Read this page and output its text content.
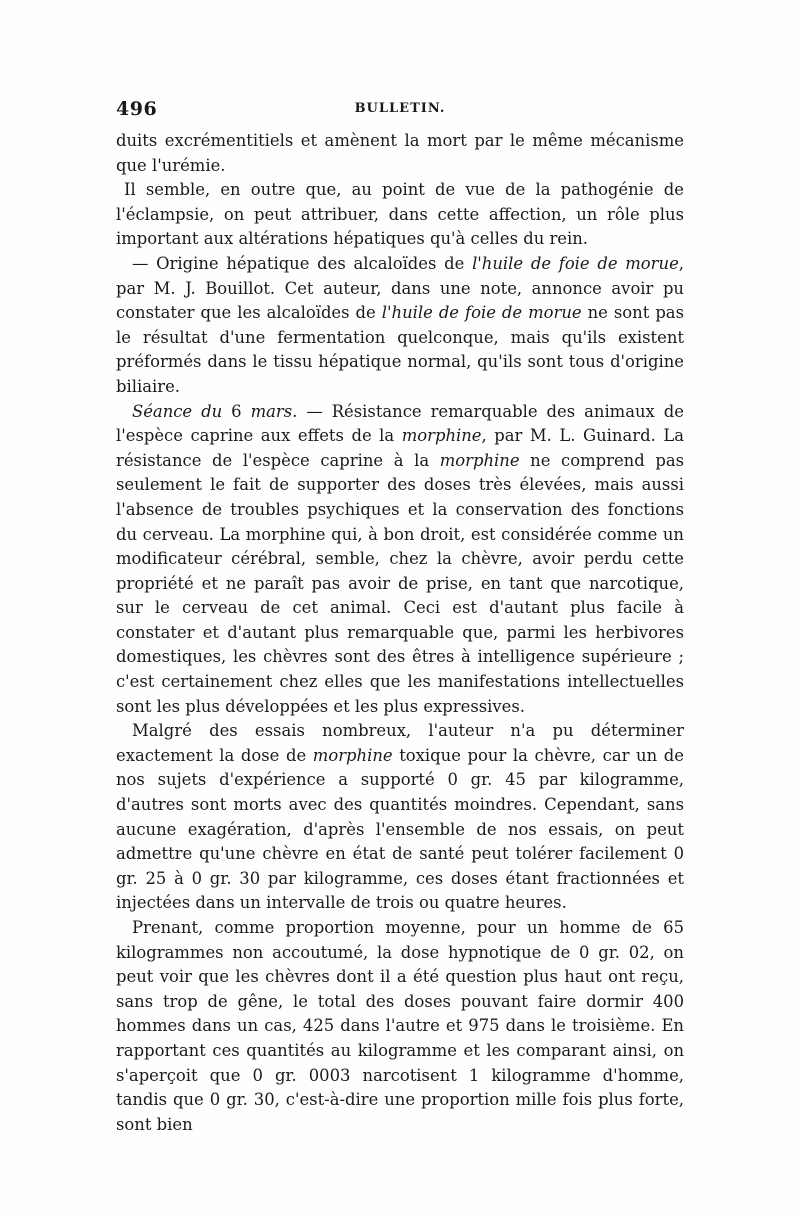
496	BULLETIN.

duits excrémentitiels et amènent la mort par le même mécanisme que l'urémie.

Il semble, en outre que, au point de vue de la pathogénie de l'éclampsie, on peut attribuer, dans cette affection, un rôle plus important aux altérations hépatiques qu'à celles du rein.

— Origine hépatique des alcaloïdes de l'huile de foie de morue, par M. J. Bouillot. Cet auteur, dans une note, annonce avoir pu constater que les alcaloïdes de l'huile de foie de morue ne sont pas le résultat d'une fermentation quelconque, mais qu'ils existent préformés dans le tissu hépatique normal, qu'ils sont tous d'origine biliaire.

Séance du 6 mars. — Résistance remarquable des animaux de l'espèce caprine aux effets de la morphine, par M. L. Guinard. La résistance de l'espèce caprine à la morphine ne comprend pas seulement le fait de supporter des doses très élevées, mais aussi l'absence de troubles psychiques et la conservation des fonctions du cerveau. La morphine qui, à bon droit, est considérée comme un modificateur cérébral, semble, chez la chèvre, avoir perdu cette propriété et ne paraît pas avoir de prise, en tant que narcotique, sur le cerveau de cet animal. Ceci est d'autant plus facile à constater et d'autant plus remarquable que, parmi les herbivores domestiques, les chèvres sont des êtres à intelligence supérieure ; c'est certainement chez elles que les manifestations intellectuelles sont les plus développées et les plus expressives.

Malgré des essais nombreux, l'auteur n'a pu déterminer exactement la dose de morphine toxique pour la chèvre, car un de nos sujets d'expérience a supporté 0 gr. 45 par kilogramme, d'autres sont morts avec des quantités moindres. Cependant, sans aucune exagération, d'après l'ensemble de nos essais, on peut admettre qu'une chèvre en état de santé peut tolérer facilement 0 gr. 25 à 0 gr. 30 par kilogramme, ces doses étant fractionnées et injectées dans un intervalle de trois ou quatre heures.

Prenant, comme proportion moyenne, pour un homme de 65 kilogrammes non accoutumé, la dose hypnotique de 0 gr. 02, on peut voir que les chèvres dont il a été question plus haut ont reçu, sans trop de gêne, le total des doses pouvant faire dormir 400 hommes dans un cas, 425 dans l'autre et 975 dans le troisième. En rapportant ces quantités au kilogramme et les comparant ainsi, on s'aperçoit que 0 gr. 0003 narcotisent 1 kilogramme d'homme, tandis que 0 gr. 30, c'est-à-dire une proportion mille fois plus forte, sont bien
